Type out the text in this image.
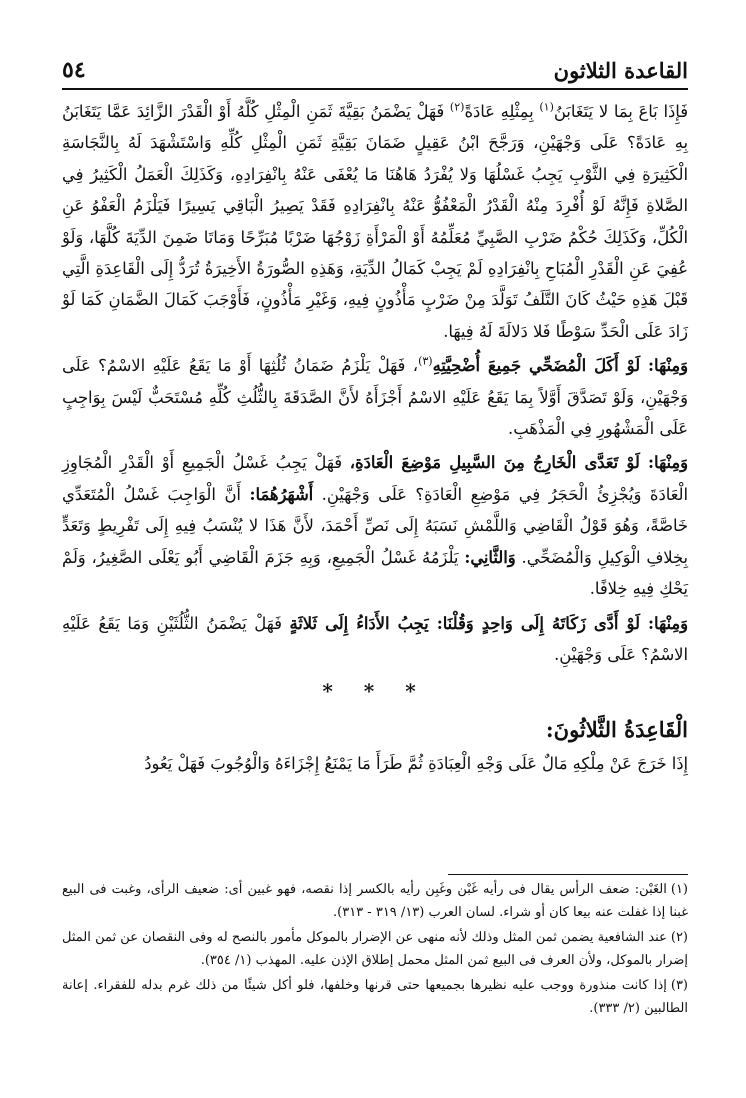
القاعدة الثلاثون
٥٤

فَإِذَا بَاعَ بِمَا لا يَتَغَابَنُ$^{(١)}$ بِمِثْلِهِ عَادَةً$^{(٢)}$ فَهَلْ يَضْمَنُ بَقِيَّةَ ثَمَنِ الْمِثْلِ كُلَّهُ أَوْ الْقَدْرَ الزَّائِدَ عَمَّا يَتَغَابَنُ بِهِ عَادَةً؟ عَلَى وَجْهَيْنِ، وَرَجَّحَ ابْنُ عَقِيلٍ ضَمَانَ بَقِيَّةِ ثَمَنِ الْمِثْلِ كُلِّهِ وَاسْتَشْهَدَ لَهُ بِالنَّجَاسَةِ الْكَثِيرَةِ فِي الثَّوْبِ يَجِبُ غَسْلُهَا وَلا يُفْرَدُ هَاهُنَا مَا يُعْفَى عَنْهُ بِانْفِرَادِهِ، وَكَذَلِكَ الْعَمَلُ الْكَثِيرُ فِي الصَّلاةِ فَإِنَّهُ لَوْ أُفْرِدَ مِنْهُ الْقَدْرُ الْمَعْفُوُّ عَنْهُ بِانْفِرَادِهِ فَقَدْ يَصِيرُ الْبَاقِي يَسِيرًا فَيَلْزَمُ الْعَفْوُ عَنِ الْكُلِّ، وَكَذَلِكَ حُكْمُ ضَرْبِ الصَّبِيِّ مُعَلِّمُهُ أَوْ الْمَرْأَةِ زَوْجُهَا ضَرْبًا مُبَرِّحًا وَمَاتَا ضَمِنَ الدِّيَةَ كُلَّهَا، وَلَوْ عُفِيَ عَنِ الْقَدْرِ الْمُبَاحِ بِانْفِرَادِهِ لَمْ يَجِبْ كَمَالُ الدِّيَةِ، وَهَذِهِ الصُّورَةُ الأَخِيرَةُ تُرَدُّ إِلَى الْقَاعِدَةِ الَّتِي قَبْلَ هَذِهِ حَيْثُ كَانَ التَّلَفُ تَوَلَّدَ مِنْ ضَرْبٍ مَأْذُونٍ فِيهِ، وَغَيْرِ مَأْذُونٍ، فَأَوْجَبَ كَمَالَ الضَّمَانِ كَمَا لَوْ زَادَ عَلَى الْحَدِّ سَوْطًا فَلا دَلالَةَ لَهُ فِيهَا.

وَمِنْهَا: لَوْ أَكَلَ الْمُضَحِّي جَمِيعَ أُضْحِيَّتِهِ$^{(٣)}$، فَهَلْ يَلْزَمُ ضَمَانُ ثُلُثِهَا أَوْ مَا يَقَعُ عَلَيْهِ الاسْمُ؟ عَلَى وَجْهَيْنِ، وَلَوْ تَصَدَّقَ أَوَّلاً بِمَا يَقَعُ عَلَيْهِ الاسْمُ أَجْزَأَهُ لأَنَّ الصَّدَقَةَ بِالثُّلُثِ كُلِّهِ مُسْتَحَبٌّ لَيْسَ بِوَاجِبٍ عَلَى الْمَشْهُورِ فِي الْمَذْهَبِ.

وَمِنْهَا: لَوْ تَعَدَّى الْخَارِجُ مِنَ السَّبِيلِ مَوْضِعَ الْعَادَةِ، فَهَلْ يَجِبُ غَسْلُ الْجَمِيعِ أَوْ الْقَدْرِ الْمُجَاوِزِ الْعَادَةَ وَيُجْزِئُ الْحَجَرُ فِي مَوْضِعِ الْعَادَةِ؟ عَلَى وَجْهَيْنِ. أَشْهَرُهُمَا: أَنَّ الْوَاجِبَ غَسْلُ الْمُتَعَدِّي خَاصَّةً، وَهُوَ قَوْلُ الْقَاضِي وَاللَّمْشِ نَسَبَهُ إِلَى نَصِّ أَحْمَدَ، لأَنَّ هَذَا لا يُنْسَبُ فِيهِ إِلَى تَفْرِيطٍ وَتَعَدٍّ بِخِلافِ الْوَكِيلِ وَالْمُضَحِّي. وَالثَّانِي: يَلْزَمُهُ غَسْلُ الْجَمِيعِ، وَبِهِ جَزَمَ الْقَاضِي أَبُو يَعْلَى الصَّغِيرُ، وَلَمْ يَحْكِ فِيهِ خِلافًا.

وَمِنْهَا: لَوْ أَدَّى زَكَاتَهُ إِلَى وَاحِدٍ وَقُلْنَا: يَجِبُ الأَدَاءُ إِلَى ثَلاثَةٍ فَهَلْ يَضْمَنُ الثُّلُثَيْنِ وَمَا يَقَعُ عَلَيْهِ الاسْمُ؟ عَلَى وَجْهَيْنِ.

* * *
الْقَاعِدَةُ الثَّلاثُونَ:

إِذَا خَرَجَ عَنْ مِلْكِهِ مَالٌ عَلَى وَجْهِ الْعِبَادَةِ ثُمَّ طَرَأَ مَا يَمْنَعُ إِجْزَاءَهُ وَالْوُجُوبَ فَهَلْ يَعُودُ

(١)الغَبْن: ضعف الرأس يقال فى رأيه غَبْن وغَبِن رأيه بالكسر إذا نقصه، فهو غبين أى: ضعيف الرأى، وغبت فى البيع غبنا إذا غفلت عنه بيعا كان أو شراء. لسان العرب (١٣/ ٣١٩ - ٣١٣).

(٢)عند الشافعية يضمن ثمن المثل وذلك لأنه منهى عن الإضرار بالموكل مأمور بالنصح له وفى النقصان عن ثمن المثل إضرار بالموكل، ولأن العرف فى البيع ثمن المثل محمل إطلاق الإذن عليه. المهذب (١/ ٣٥٤).

(٣)إذا كانت منذورة ووجب عليه نظيرها بجميعها حتى قرنها وخلفها، فلو أكل شيئًا من ذلك غرم بدله للفقراء. إعانة الطالبين (٢/ ٣٣٣).
